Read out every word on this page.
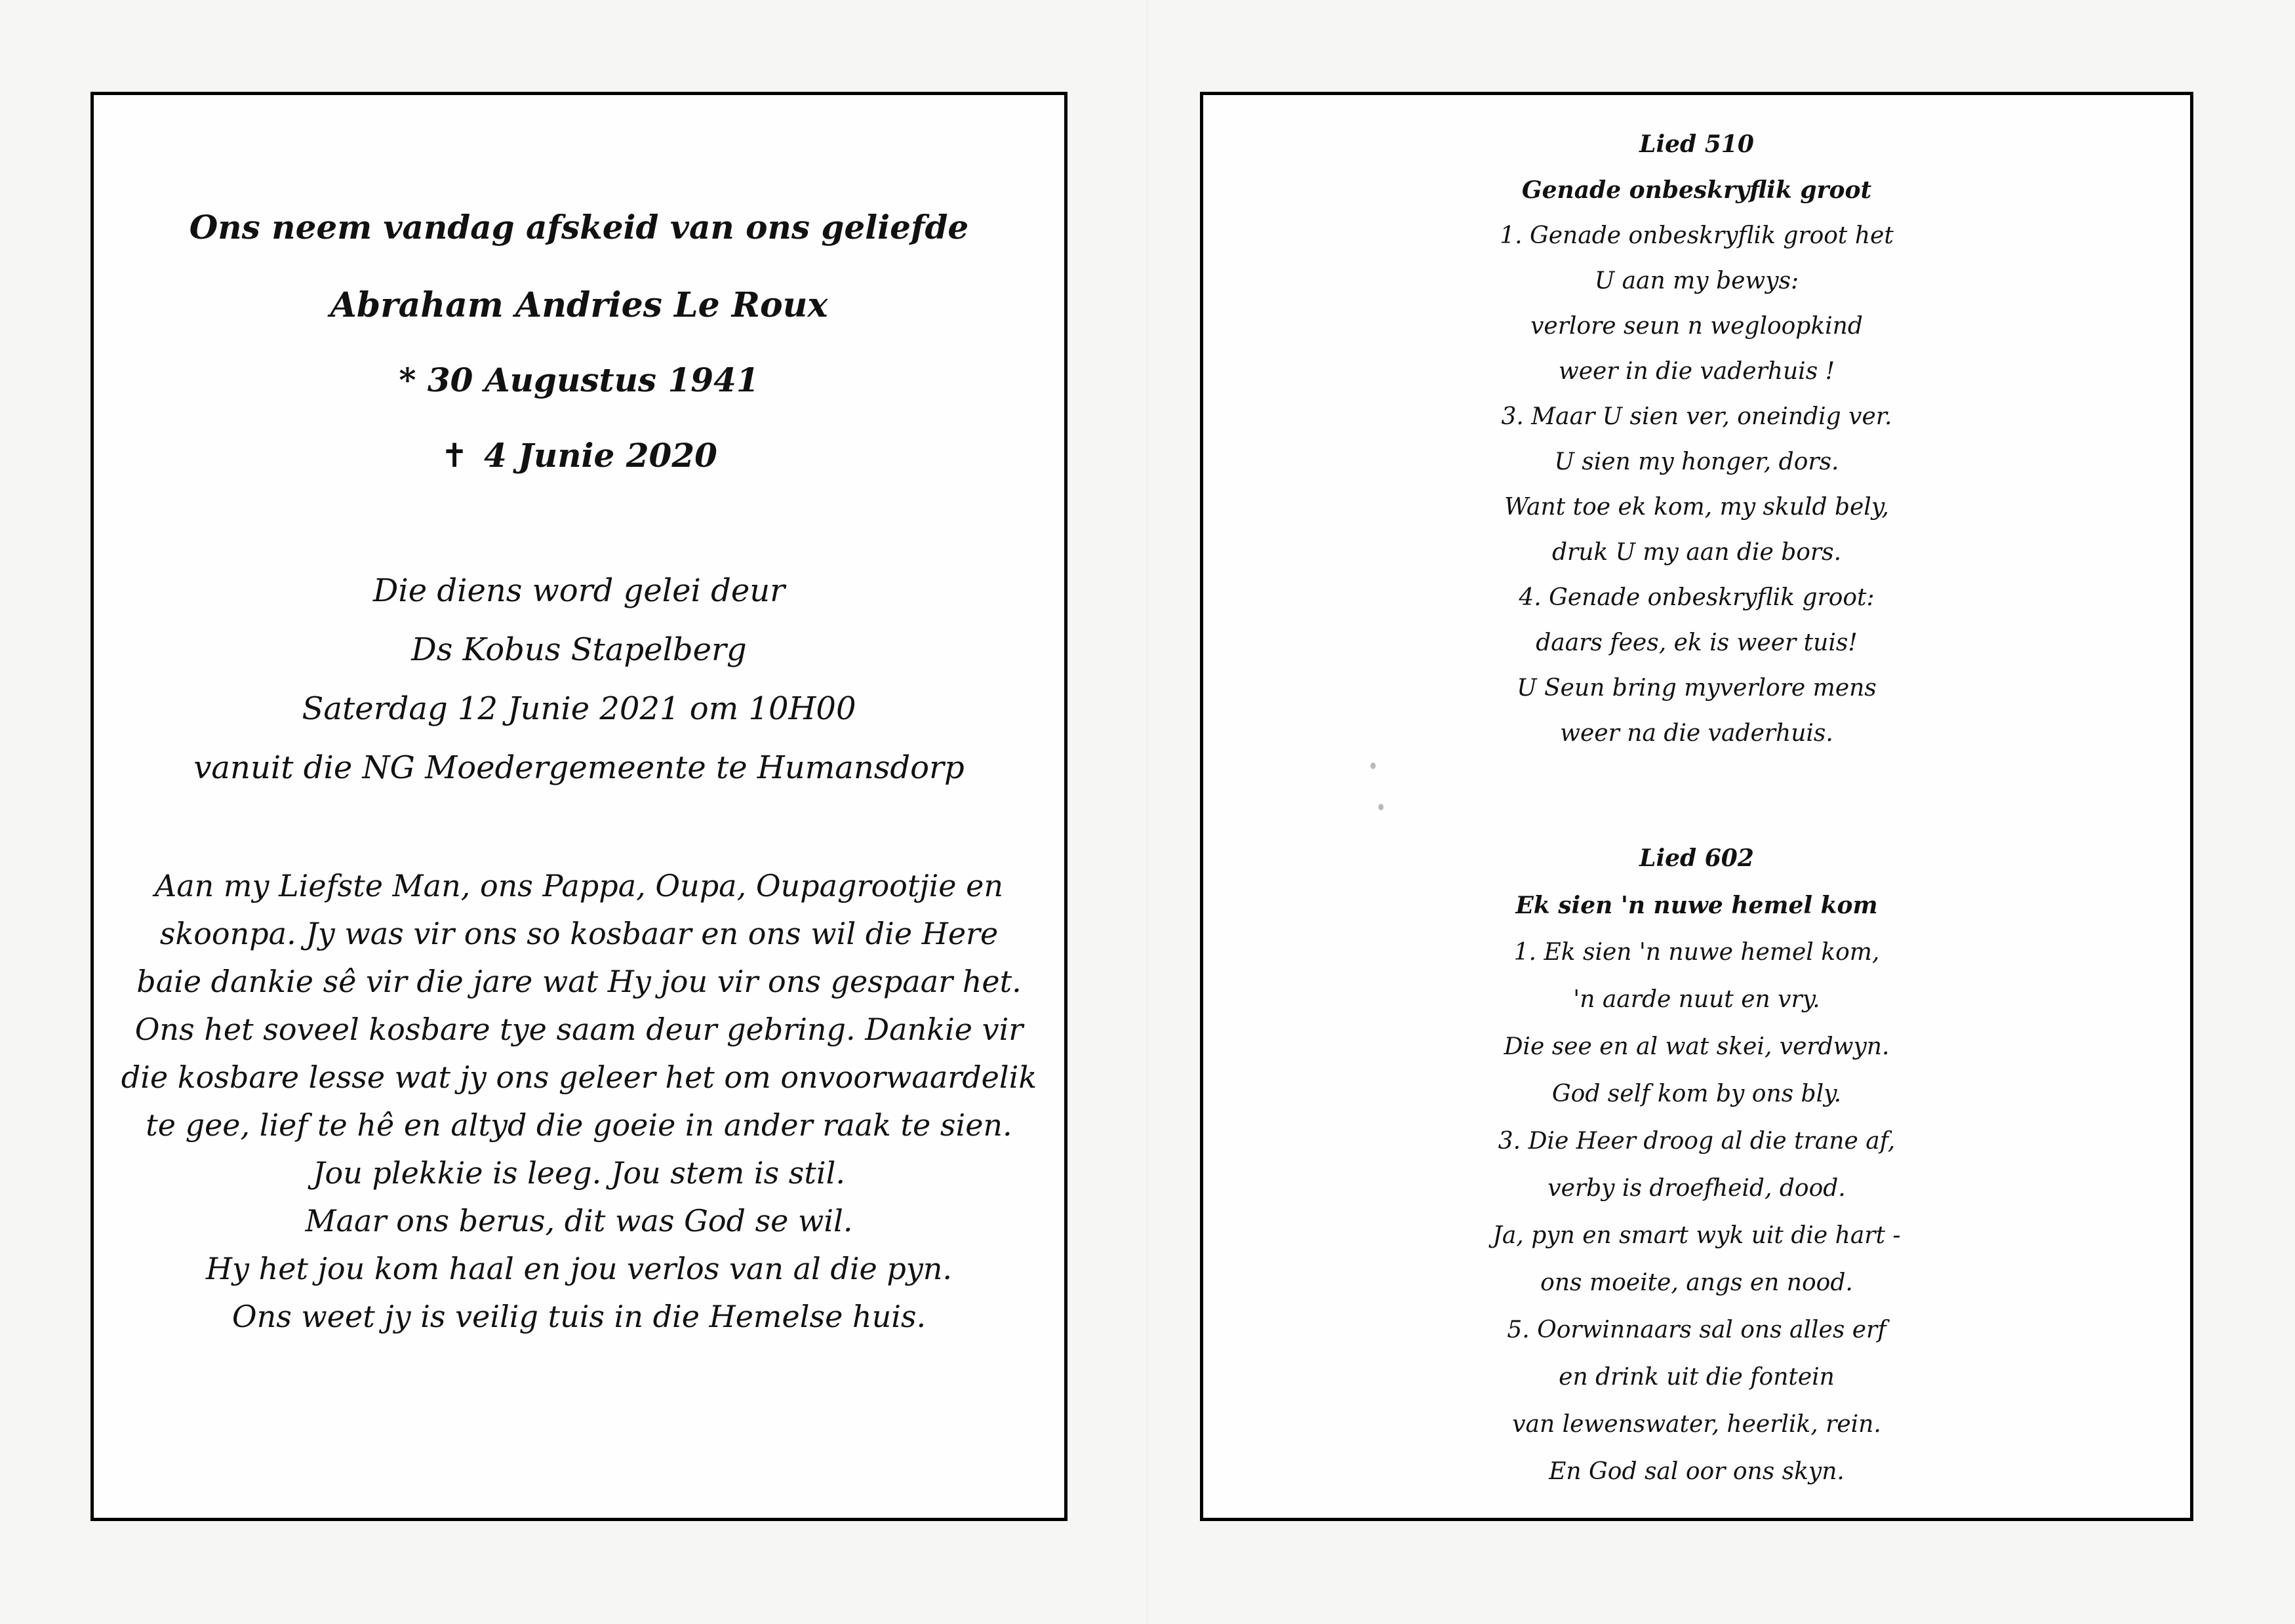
Ons neem vandag afskeid van ons geliefde

Abraham Andries Le Roux

* 30 Augustus 1941

✝ 4 Junie 2020

Die diens word gelei deur

Ds Kobus Stapelberg

Saterdag 12 Junie 2021 om 10H00

vanuit die NG Moedergemeente te Humansdorp

Aan my Liefste Man, ons Pappa, Oupa, Oupagrootjie en
skoonpa. Jy was vir ons so kosbaar en ons wil die Here
baie dankie sê vir die jare wat Hy jou vir ons gespaar het.
Ons het soveel kosbare tye saam deur gebring. Dankie vir
die kosbare lesse wat jy ons geleer het om onvoorwaardelik
te gee, lief te hê en altyd die goeie in ander raak te sien.
Jou plekkie is leeg. Jou stem is stil.
Maar ons berus, dit was God se wil.
Hy het jou kom haal en jou verlos van al die pyn.
Ons weet jy is veilig tuis in die Hemelse huis.
Lied 510
Genade onbeskryflik groot
1. Genade onbeskryflik groot het
U aan my bewys:
verlore seun n wegloopkind
weer in die vaderhuis !
3. Maar U sien ver, oneindig ver.
U sien my honger, dors.
Want toe ek kom, my skuld bely,
druk U my aan die bors.
4. Genade onbeskryflik groot:
daars fees, ek is weer tuis!
U Seun bring myverlore mens
weer na die vaderhuis.
Lied 602
Ek sien 'n nuwe hemel kom
1. Ek sien 'n nuwe hemel kom,
'n aarde nuut en vry.
Die see en al wat skei, verdwyn.
God self kom by ons bly.
3. Die Heer droog al die trane af,
verby is droefheid, dood.
Ja, pyn en smart wyk uit die hart -
ons moeite, angs en nood.
5. Oorwinnaars sal ons alles erf
en drink uit die fontein
van lewenswater, heerlik, rein.
En God sal oor ons skyn.
